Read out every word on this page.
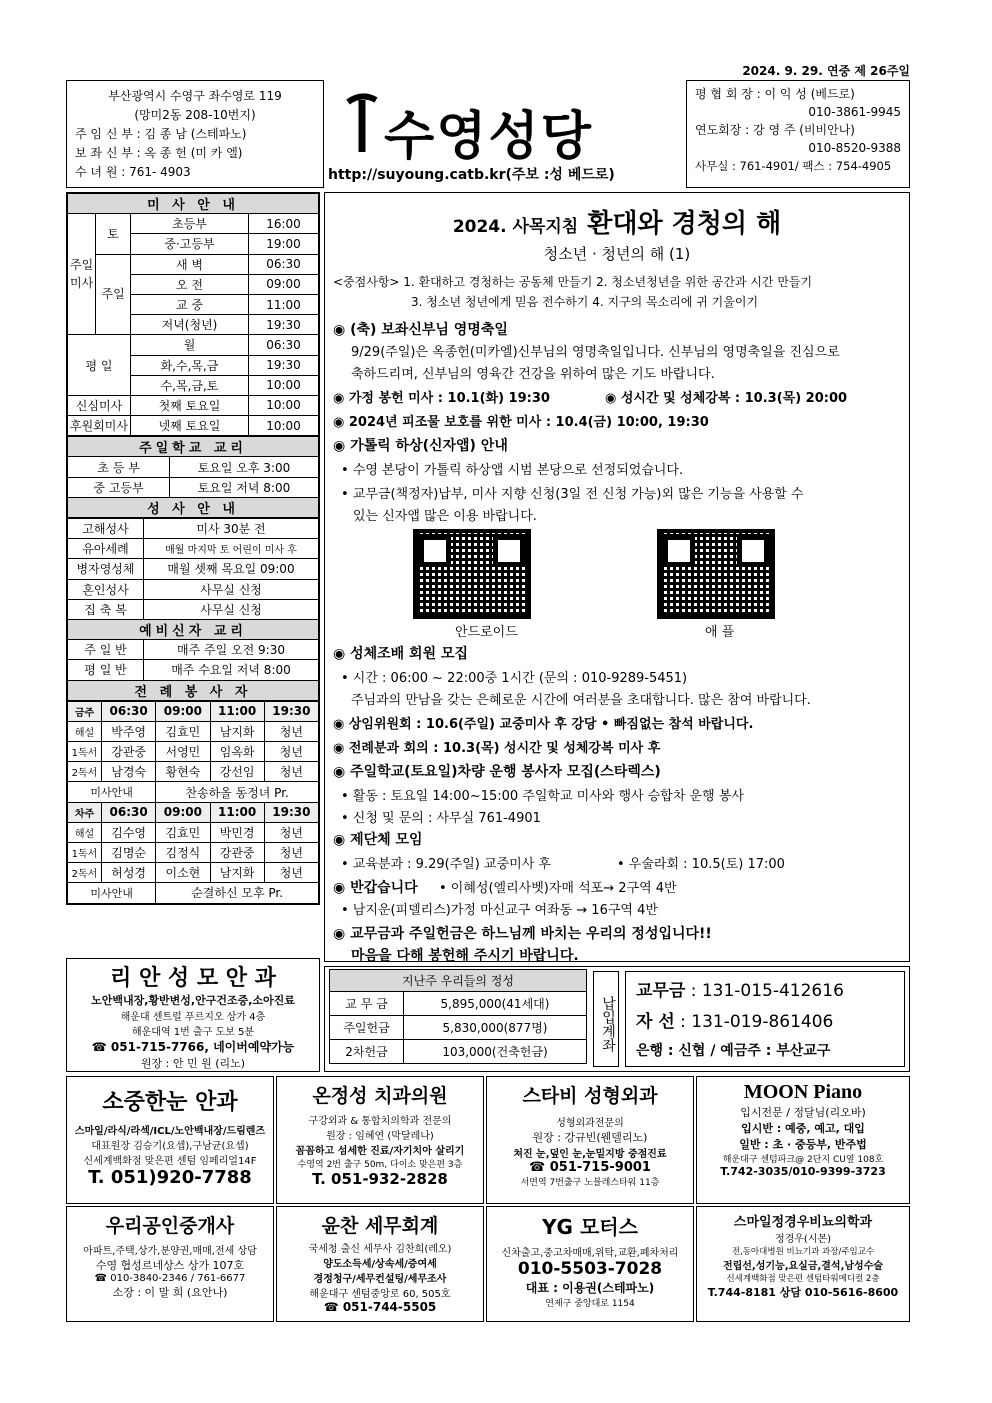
2024. 9. 29. 연중 제 26주일
부산광역시 수영구 좌수영로 119
(망미2동 208-10번지)
주 임 신 부 : 김 종 남 (스테파노)
보 좌 신 부 : 옥 종 헌 (미 카 엘)
수 녀 원 : 761- 4903
수영성당
http://suyoung.catb.kr(주보 :성 베드로)
평 협 회 장 : 이 익 성 (베드로)
010-3861-9945
연도회장 : 강 영 주 (비비안나)
010-8520-9388
사무실 : 761-4901/ 팩스 : 754-4905
미 사 안 내			
주일미사	토	초등부	16:00
		중·고등부	19:00
	주일	새 벽	06:30
		오 전	09:00
		교 중	11:00
		저녁(청년)	19:30
평 일		월	06:30
		화,수,목,금	19:30
		수,목,금,토	10:00
신심미사		첫째 토요일	10:00
후원회미사		넷째 토요일	10:00
주일학교 교리	
초 등 부	토요일 오후 3:00
중 고등부	토요일 저녁 8:00
성 사 안 내	
고해성사	미사 30분 전
유아세례	매월 마지막 토 어린이 미사 후
병자영성체	매월 셋째 목요일 09:00
혼인성사	사무실 신청
집 축 복	사무실 신청
예비신자 교리	
주 일 반	매주 주일 오전 9:30
평 일 반	매주 수요일 저녁 8:00
전 례 봉 사 자	
금주	06:30	09:00	11:00	19:30
해설	박주영	김효민	남지화	청년
1독서	강관중	서영민	임옥화	청년
2독서	남경숙	황현숙	강선임	청년
미사안내		찬송하올 동정녀 Pr.		
차주	06:30	09:00	11:00	19:30
해설	김수영	김효민	박민경	청년
1독서	김명순	김정식	강관중	청년
2독서	허성경	이소현	남지화	청년
미사안내		순결하신 모후 Pr.		
2024. 사목지침 환대와 경청의 해
청소년 · 청년의 해 (1)
<중점사항> 1. 환대하고 경청하는 공동체 만들기 2. 청소년청년을 위한 공간과 시간 만들기
3. 청소년 청년에게 믿음 전수하기 4. 지구의 목소리에 귀 기울이기
◉ (축) 보좌신부님 영명축일
9/29(주일)은 옥종헌(미카엘)신부님의 영명축일입니다. 신부님의 영명축일을 진심으로
축하드리며, 신부님의 영육간 건강을 위하여 많은 기도 바랍니다.
◉ 가정 봉헌 미사 : 10.1(화) 19:30	◉ 성시간 및 성체강복 : 10.3(목) 20:00
◉ 2024년 피조물 보호를 위한 미사 : 10.4(금) 10:00, 19:30
◉ 가톨릭 하상(신자앱) 안내
• 수영 본당이 가톨릭 하상앱 시범 본당으로 선정되었습니다.
• 교무금(책정자)납부, 미사 지향 신청(3일 전 신청 가능)외 많은 기능을 사용할 수
있는 신자앱 많은 이용 바랍니다.
안드로이드	애 플
◉ 성체조배 회원 모집
• 시간 : 06:00 ~ 22:00중 1시간 (문의 : 010-9289-5451)
주님과의 만남을 갖는 은혜로운 시간에 여러분을 초대합니다. 많은 참여 바랍니다.
◉ 상임위원회 : 10.6(주일) 교중미사 후 강당 • 빠짐없는 참석 바랍니다.
◉ 전례분과 회의 : 10.3(목) 성시간 및 성체강복 미사 후
◉ 주일학교(토요일)차량 운행 봉사자 모집(스타렉스)
• 활동 : 토요일 14:00~15:00 주일학교 미사와 행사 승합차 운행 봉사
• 신청 및 문의 : 사무실 761-4901
◉ 제단체 모임
• 교육분과 : 9.29(주일) 교중미사 후	• 우술라회 : 10.5(토) 17:00
◉ 반갑습니다 • 이혜성(엘리사벳)자매 석포→ 2구역 4반
• 남지운(피델리스)가정 마신교구 여좌동 → 16구역 4반
◉ 교무금과 주일헌금은 하느님께 바치는 우리의 정성입니다!!
마음을 다해 봉헌해 주시기 바랍니다.
리 안 성 모 안 과
노안백내장,황반변성,안구건조증,소아진료
해운대 센트럴 푸르지오 상가 4층
해운대역 1번 출구 도보 5분
☎ 051-715-7766, 네이버예약가능
원장 : 안 민 원 (리노)
지난주 우리들의 정성	
교 무 금	5,895,000(41세대)
주일헌금	5,830,000(877명)
2차헌금	103,000(건축헌금)	납입계좌
교무금 : 131-015-412616
자 선 : 131-019-861406
은행 : 신협 / 예금주 : 부산교구
소중한눈 안과
스마일/라식/라섹/ICL/노안백내장/드림렌즈
대표원장 김승기(요셉),구남균(요셉)
신세계백화점 맞은편 센텀 임페리얼14F
T. 051)920-7788
온정성 치과의원
구강외과 & 통합치의학과 전문의
원장 : 임혜연 (막달레나)
꼼꼼하고 섬세한 진료/자기치아 살리기
수영역 2번 출구 50m, 다이소 맞은편 3층
T. 051-932-2828
스타비 성형외과
성형외과전문의
원장 : 강규빈(웬델리노)
쳐진 눈,덮인 눈,눈밑지방 중점진료
☎ 051-715-9001
서면역 7번출구 노블레스타워 11층
MOON Piano
입시전문 / 정달님(리오바)
입시반 : 예중, 예고, 대입
일반 : 초 · 중등부, 반주법
해운대구 센텀파크@ 2단지 CU옆 108호
T.742-3035/010-9399-3723
우리공인중개사
아파트,주택,상가,분양권,매매,전세 상담
수영 협성르네상스 상가 107호
☎ 010-3840-2346 / 761-6677
소장 : 이 말 희 (요안나)
윤찬 세무회계
국세청 출신 세무사 김찬희(레오)
양도소득세/상속세/증여세
경정청구/세무컨설팅/세무조사
해운대구 센텀중앙로 60, 505호
☎ 051-744-5505
YG 모터스
신차출고,중고차매매,위탁,교환,폐차처리
010-5503-7028
대표 : 이용권(스테파노)
연제구 중앙대로 1154
스마일정경우비뇨의학과
정경우(시몬)
전,동아대병원 비뇨기과 과장/주임교수
전립선,성기능,요실금,결석,남성수술
신세계백화점 맞은편 센텀타워메디컬 2층
T.744-8181 상담 010-5616-8600
